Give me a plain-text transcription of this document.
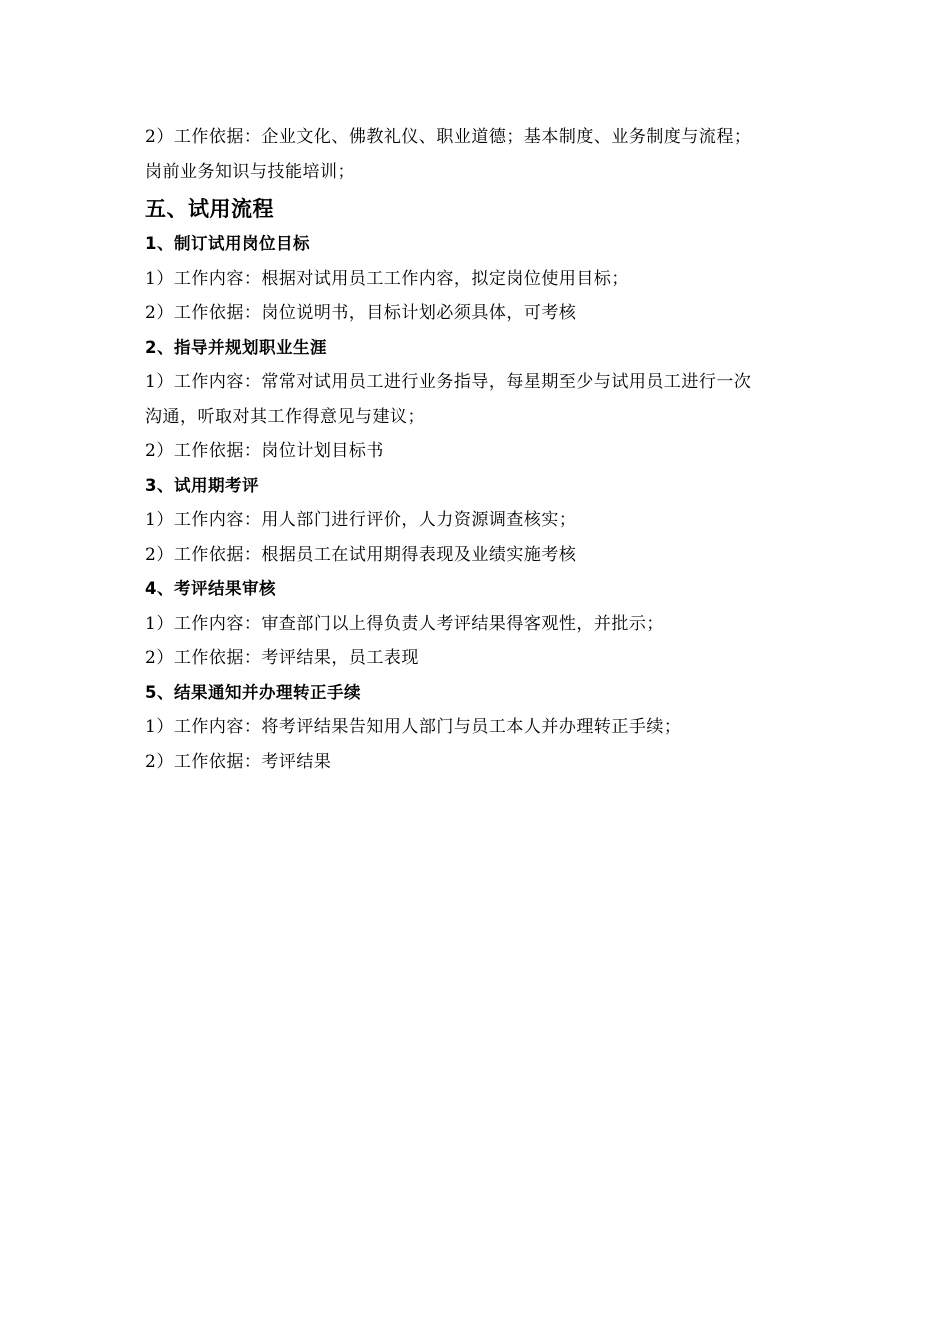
2）工作依据：企业文化、佛教礼仪、职业道德；基本制度、业务制度与流程；
岗前业务知识与技能培训；
五、试用流程
1、制订试用岗位目标
1）工作内容：根据对试用员工工作内容，拟定岗位使用目标；
2）工作依据：岗位说明书，目标计划必须具体，可考核
2、指导并规划职业生涯
1）工作内容：常常对试用员工进行业务指导，每星期至少与试用员工进行一次
沟通，听取对其工作得意见与建议；
2）工作依据：岗位计划目标书
3、试用期考评
1）工作内容：用人部门进行评价，人力资源调查核实；
2）工作依据：根据员工在试用期得表现及业绩实施考核
4、考评结果审核
1）工作内容：审查部门以上得负责人考评结果得客观性，并批示；
2）工作依据：考评结果，员工表现
5、结果通知并办理转正手续
1）工作内容：将考评结果告知用人部门与员工本人并办理转正手续；
2）工作依据：考评结果
